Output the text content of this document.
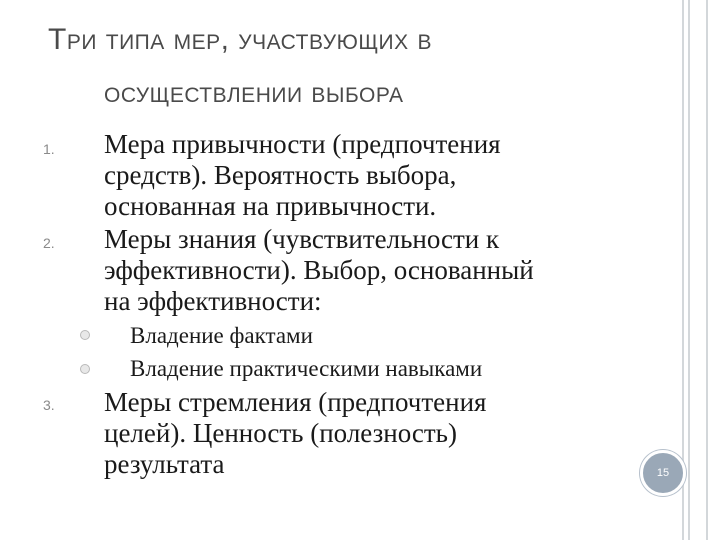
Три типа мер, участвующих в
осуществлении выбора
1. Мера привычности (предпочтения
средств). Вероятность выбора,
основанная на привычности.
2. Меры знания (чувствительности к
эффективности). Выбор, основанный
на эффективности:
Владение фактами
Владение практическими навыками
3. Меры стремления (предпочтения
целей). Ценность (полезность)
результата	15
